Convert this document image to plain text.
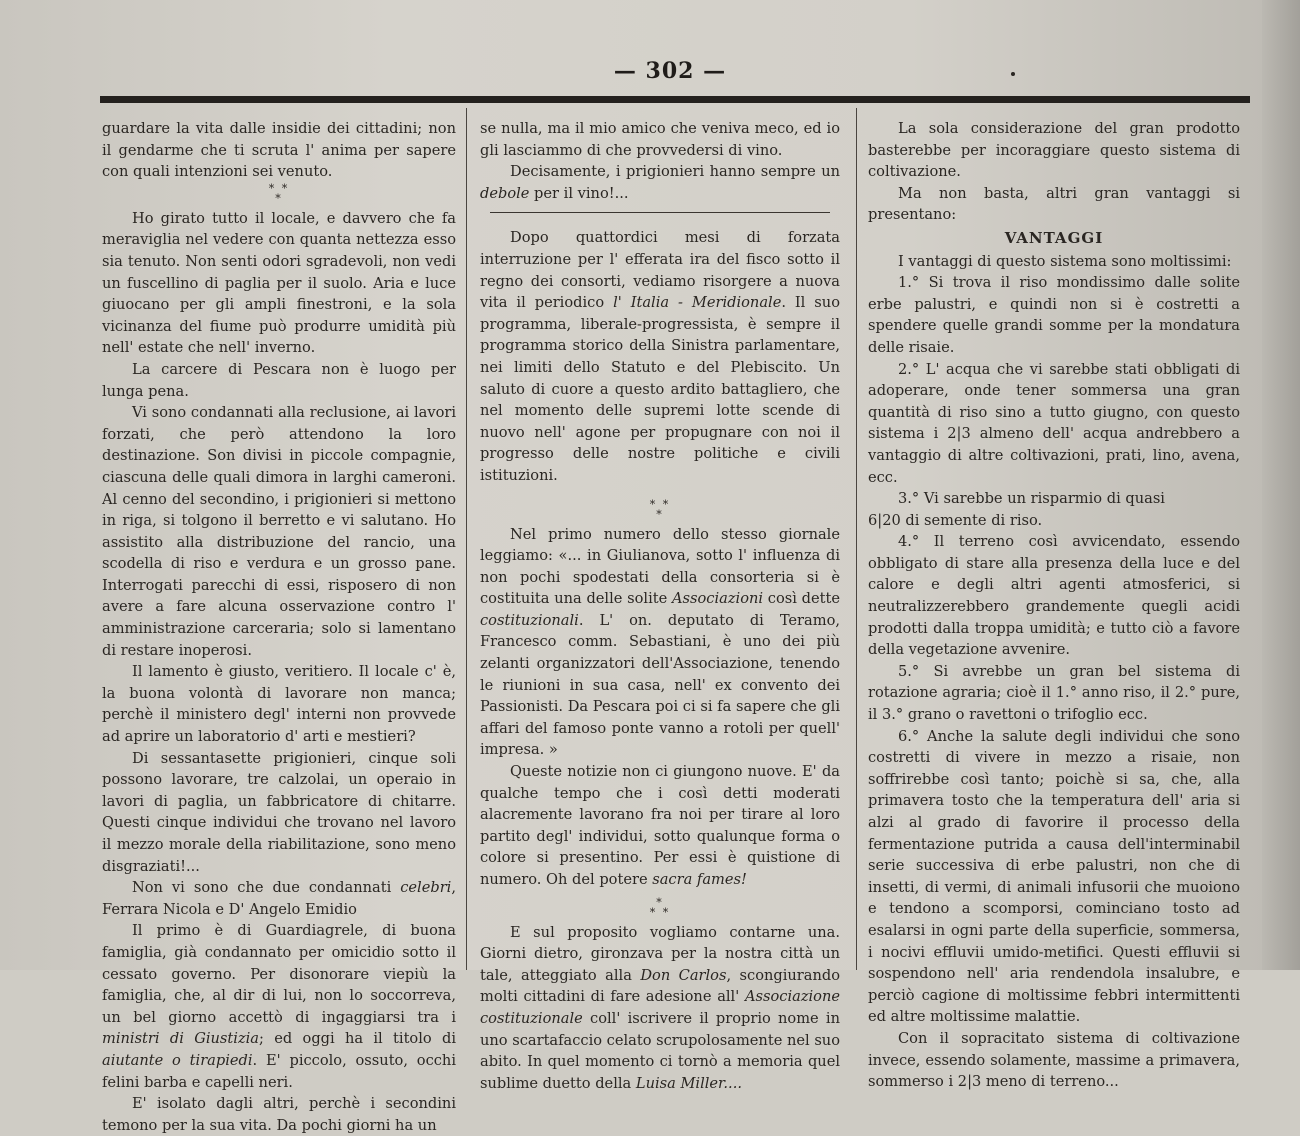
— 302 —

guardare la vita dalle insidie dei cittadini; non il gendarme che ti scruta l' anima per sapere con quali intenzioni sei venuto.

* *
*

Ho girato tutto il locale, e davvero che fa meraviglia nel vedere con quanta nettezza esso sia tenuto. Non senti odori sgradevoli, non vedi un fuscellino di paglia per il suolo. Aria e luce giuocano per gli ampli finestroni, e la sola vicinanza del fiume può produrre umidità più nell' estate che nell' inverno.

La carcere di Pescara non è luogo per lunga pena.

Vi sono condannati alla reclusione, ai lavori forzati, che però attendono la loro destinazione. Son divisi in piccole compagnie, ciascuna delle quali dimora in larghi cameroni. Al cenno del secondino, i prigionieri si mettono in riga, si tolgono il berretto e vi salutano. Ho assistito alla distribuzione del rancio, una scodella di riso e verdura e un grosso pane. Interrogati parecchi di essi, risposero di non avere a fare alcuna osservazione contro l' amministrazione carceraria; solo si lamentano di restare inoperosi.

Il lamento è giusto, veritiero. Il locale c' è, la buona volontà di lavorare non manca; perchè il ministero degl' interni non provvede ad aprire un laboratorio d' arti e mestieri?

Di sessantasette prigionieri, cinque soli possono lavorare, tre calzolai, un operaio in lavori di paglia, un fabbricatore di chitarre. Questi cinque individui che trovano nel lavoro il mezzo morale della riabilitazione, sono meno disgraziati!...

Non vi sono che due condannati celebri, Ferrara Nicola e D' Angelo Emidio

Il primo è di Guardiagrele, di buona famiglia, già condannato per omicidio sotto il cessato governo. Per disonorare viepiù la famiglia, che, al dir di lui, non lo soccorreva, un bel giorno accettò di ingaggiarsi tra i ministri di Giustizia; ed oggi ha il titolo di aiutante o tirapiedi. E' piccolo, ossuto, occhi felini barba e capelli neri.

E' isolato dagli altri, perchè i secondini temono per la sua vita. Da pochi giorni ha un

se nulla, ma il mio amico che veniva meco, ed io gli lasciammo di che provvedersi di vino.

Decisamente, i prigionieri hanno sempre un debole per il vino!...

Dopo quattordici mesi di forzata interruzione per l' efferata ira del fisco sotto il regno dei consorti, vediamo risorgere a nuova vita il periodico l' Italia - Meridionale. Il suo programma, liberale-progressista, è sempre il programma storico della Sinistra parlamentare, nei limiti dello Statuto e del Plebiscito. Un saluto di cuore a questo ardito battagliero, che nel momento delle supremi lotte scende di nuovo nell' agone per propugnare con noi il progresso delle nostre politiche e civili istituzioni.

* *
*

Nel primo numero dello stesso giornale leggiamo: «... in Giulianova, sotto l' influenza di non pochi spodestati della consorteria si è costituita una delle solite Associazioni così dette costituzionali. L' on. deputato di Teramo, Francesco comm. Sebastiani, è uno dei più zelanti organizzatori dell'Associazione, tenendo le riunioni in sua casa, nell' ex convento dei Passionisti. Da Pescara poi ci si fa sapere che gli affari del famoso ponte vanno a rotoli per quell' impresa. »

Queste notizie non ci giungono nuove. E' da qualche tempo che i così detti moderati alacremente lavorano fra noi per tirare al loro partito degl' individui, sotto qualunque forma o colore si presentino. Per essi è quistione di numero. Oh del potere sacra fames!

*
* *

E sul proposito vogliamo contarne una. Giorni dietro, gironzava per la nostra città un tale, atteggiato alla Don Carlos, scongiurando molti cittadini di fare adesione all' Associazione costituzionale coll' iscrivere il proprio nome in uno scartafaccio celato scrupolosamente nel suo abito. In quel momento ci tornò a memoria quel sublime duetto della Luisa Miller....

La sola considerazione del gran prodotto basterebbe per incoraggiare questo sistema di coltivazione.

Ma non basta, altri gran vantaggi si presentano:

VANTAGGI

I vantaggi di questo sistema sono moltissimi:

1.° Si trova il riso mondissimo dalle solite erbe palustri, e quindi non si è costretti a spendere quelle grandi somme per la mondatura delle risaie.

2.° L' acqua che vi sarebbe stati obbligati di adoperare, onde tener sommersa una gran quantità di riso sino a tutto giugno, con questo sistema i 2|3 almeno dell' acqua andrebbero a vantaggio di altre coltivazioni, prati, lino, avena, ecc.

3.° Vi sarebbe un risparmio di quasi

6|20 di semente di riso.

4.° Il terreno così avvicendato, essendo obbligato di stare alla presenza della luce e del calore e degli altri agenti atmosferici, si neutralizzerebbero grandemente quegli acidi prodotti dalla troppa umidità; e tutto ciò a favore della vegetazione avvenire.

5.° Si avrebbe un gran bel sistema di rotazione agraria; cioè il 1.° anno riso, il 2.° pure, il 3.° grano o ravettoni o trifoglio ecc.

6.° Anche la salute degli individui che sono costretti di vivere in mezzo a risaie, non soffrirebbe così tanto; poichè si sa, che, alla primavera tosto che la temperatura dell' aria si alzi al grado di favorire il processo della fermentazione putrida a causa dell'interminabil serie successiva di erbe palustri, non che di insetti, di vermi, di animali infusorii che muoiono e tendono a scomporsi, cominciano tosto ad esalarsi in ogni parte della superficie, sommersa, i nocivi effluvii umido-metifici. Questi effluvii si sospendono nell' aria rendendola insalubre, e perciò cagione di moltissime febbri intermittenti ed altre moltissime malattie.

Con il sopracitato sistema di coltivazione invece, essendo solamente, massime a primavera, sommerso i 2|3 meno di terreno...
